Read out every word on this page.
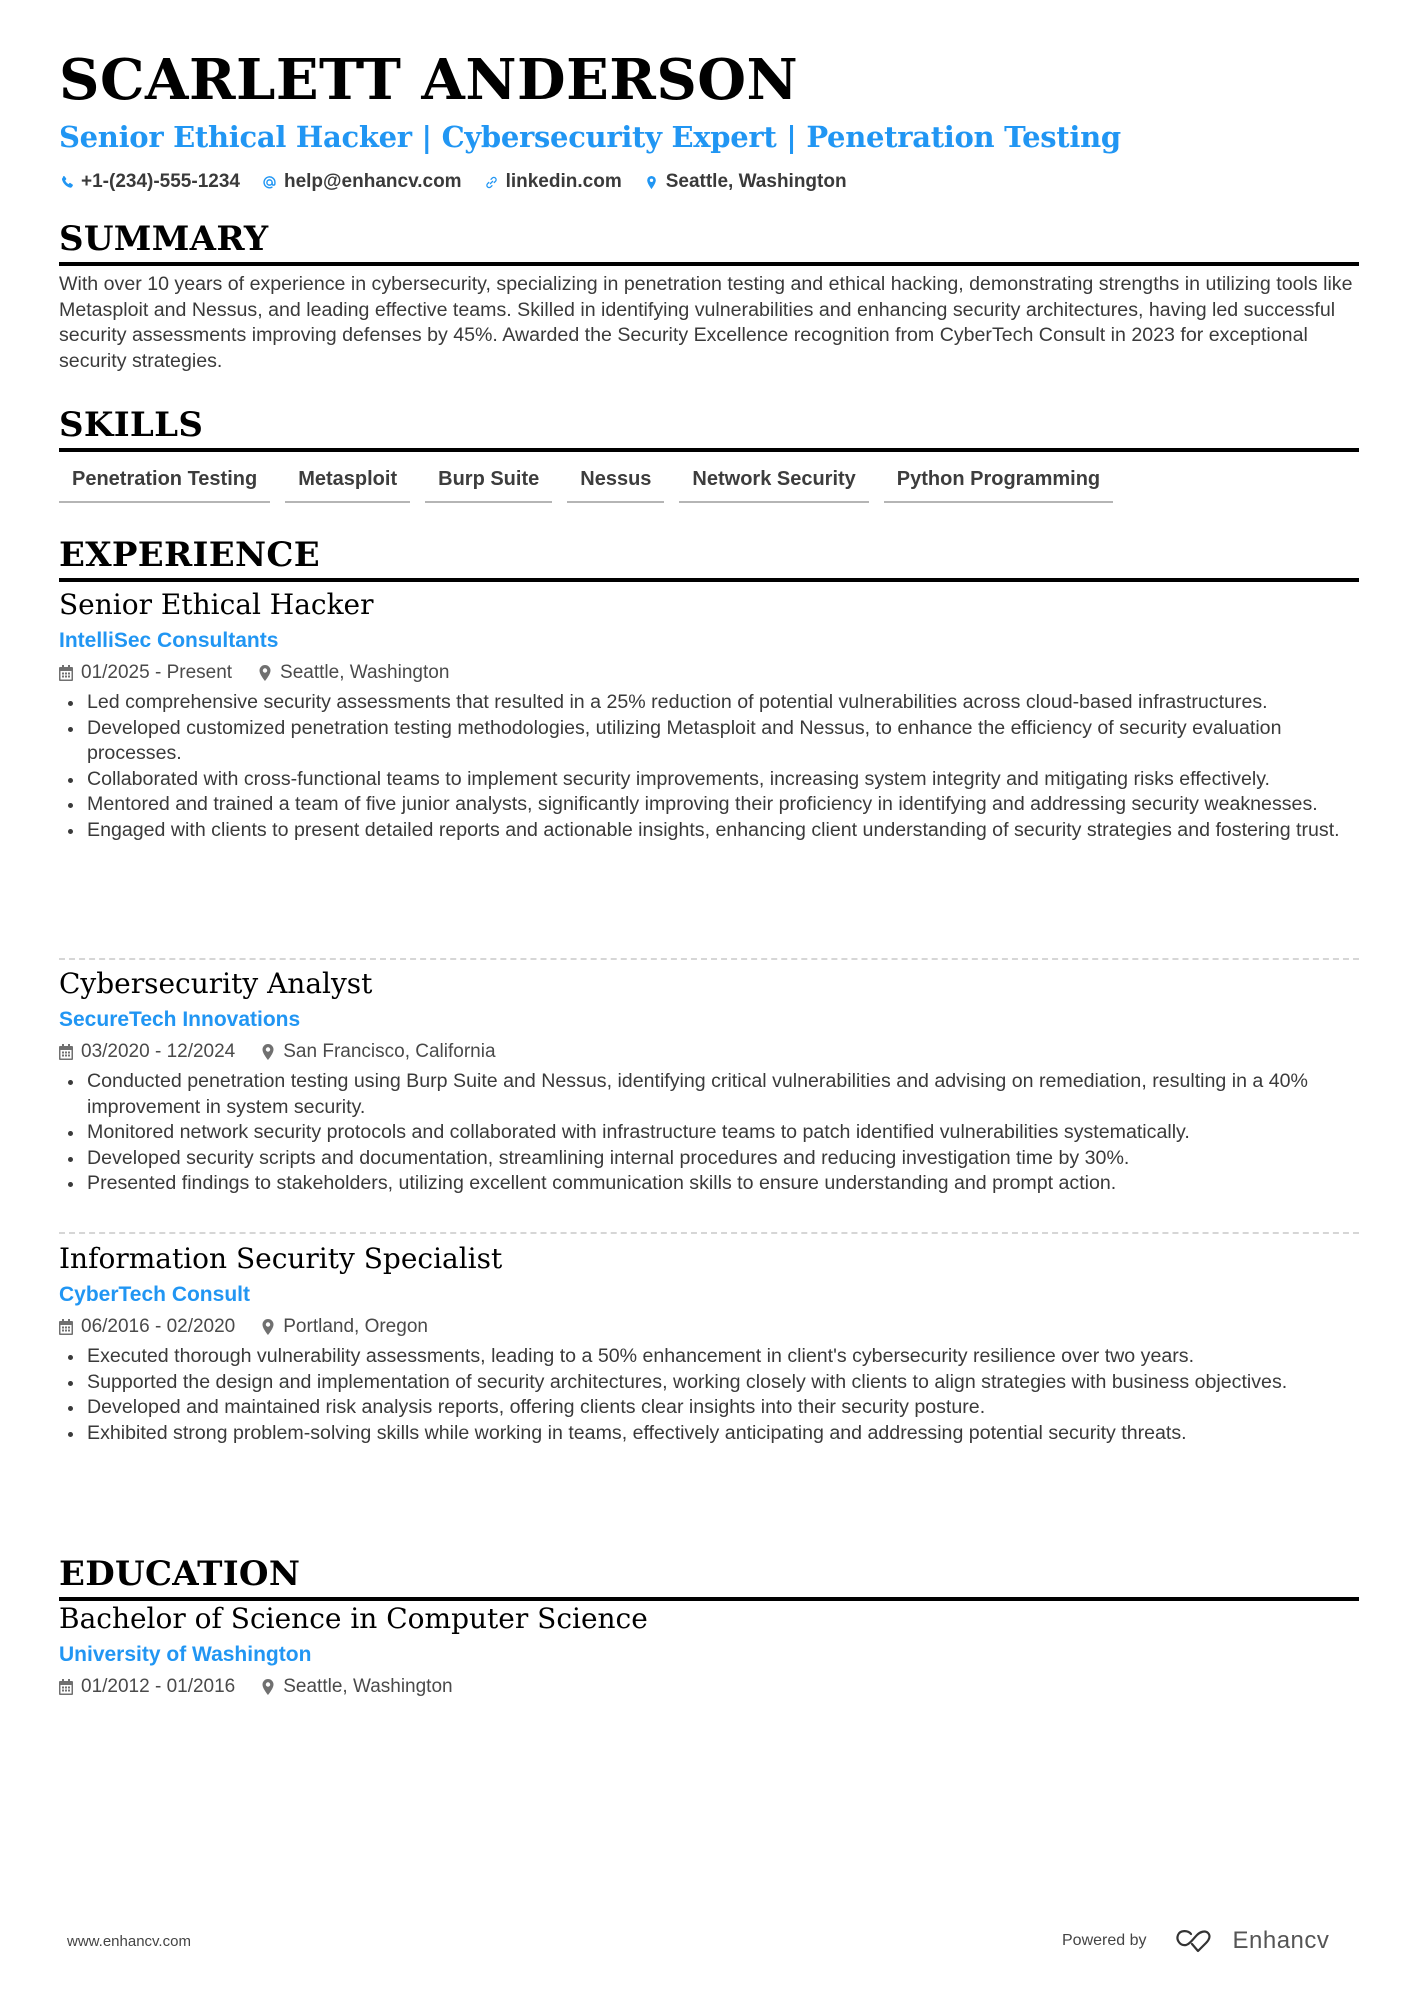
SCARLETT ANDERSON
Senior Ethical Hacker | Cybersecurity Expert | Penetration Testing
+1-(234)-555-1234 help@enhancv.com linkedin.com Seattle, Washington
SUMMARY

With over 10 years of experience in cybersecurity, specializing in penetration testing and ethical hacking, demonstrating strengths in utilizing tools like Metasploit and Nessus, and leading effective teams. Skilled in identifying vulnerabilities and enhancing security architectures, having led successful security assessments improving defenses by 45%. Awarded the Security Excellence recognition from CyberTech Consult in 2023 for exceptional security strategies.

SKILLS
Penetration Testing	Metasploit	Burp Suite	Nessus	Network Security	Python Programming
EXPERIENCE
Senior Ethical Hacker
IntelliSec Consultants
01/2025 - Present	Seattle, Washington
Led comprehensive security assessments that resulted in a 25% reduction of potential vulnerabilities across cloud-based infrastructures.
Developed customized penetration testing methodologies, utilizing Metasploit and Nessus, to enhance the efficiency of security evaluation processes.
Collaborated with cross-functional teams to implement security improvements, increasing system integrity and mitigating risks effectively.
Mentored and trained a team of five junior analysts, significantly improving their proficiency in identifying and addressing security weaknesses.
Engaged with clients to present detailed reports and actionable insights, enhancing client understanding of security strategies and fostering trust.
Cybersecurity Analyst
SecureTech Innovations
03/2020 - 12/2024	San Francisco, California
Conducted penetration testing using Burp Suite and Nessus, identifying critical vulnerabilities and advising on remediation, resulting in a 40% improvement in system security.
Monitored network security protocols and collaborated with infrastructure teams to patch identified vulnerabilities systematically.
Developed security scripts and documentation, streamlining internal procedures and reducing investigation time by 30%.
Presented findings to stakeholders, utilizing excellent communication skills to ensure understanding and prompt action.
Information Security Specialist
CyberTech Consult
06/2016 - 02/2020	Portland, Oregon
Executed thorough vulnerability assessments, leading to a 50% enhancement in client's cybersecurity resilience over two years.
Supported the design and implementation of security architectures, working closely with clients to align strategies with business objectives.
Developed and maintained risk analysis reports, offering clients clear insights into their security posture.
Exhibited strong problem-solving skills while working in teams, effectively anticipating and addressing potential security threats.
EDUCATION
Bachelor of Science in Computer Science
University of Washington
01/2012 - 01/2016	Seattle, Washington
www.enhancv.com	Powered by	Enhancv
